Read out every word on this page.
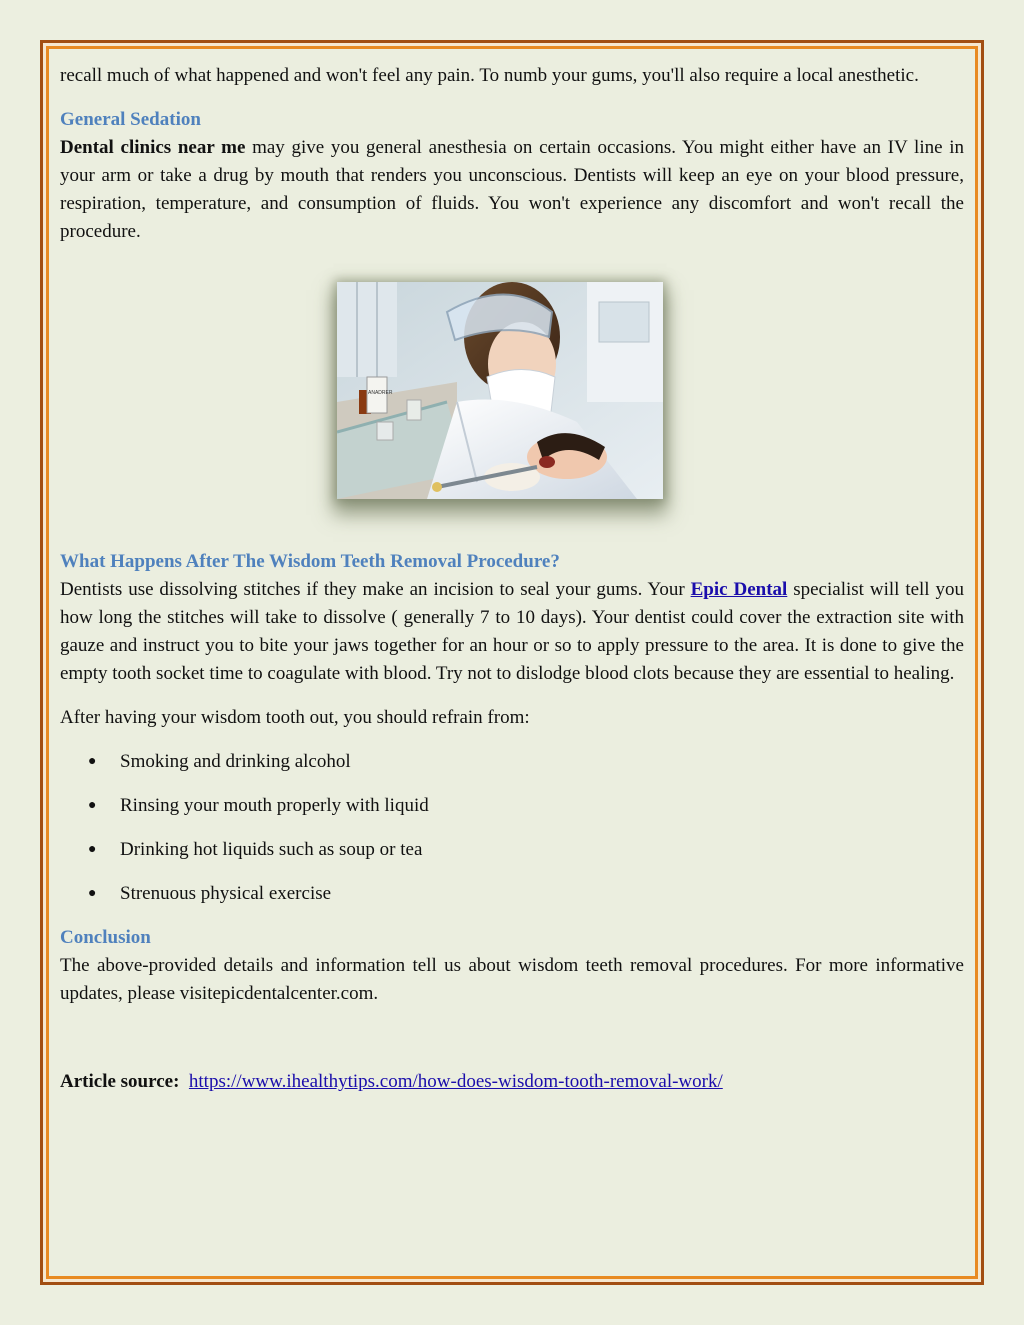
recall much of what happened and won't feel any pain. To numb your gums, you'll also require a local anesthetic.

General Sedation

Dental clinics near me may give you general anesthesia on certain occasions. You might either have an IV line in your arm or take a drug by mouth that renders you unconscious. Dentists will keep an eye on your blood pressure, respiration, temperature, and consumption of fluids. You won't experience any discomfort and won't recall the procedure.

ANADRER
What Happens After The Wisdom Teeth Removal Procedure?

Dentists use dissolving stitches if they make an incision to seal your gums. Your Epic Dental specialist will tell you how long the stitches will take to dissolve ( generally 7 to 10 days). Your dentist could cover the extraction site with gauze and instruct you to bite your jaws together for an hour or so to apply pressure to the area. It is done to give the empty tooth socket time to coagulate with blood. Try not to dislodge blood clots because they are essential to healing.

After having your wisdom tooth out, you should refrain from:

● Smoking and drinking alcohol
● Rinsing your mouth properly with liquid
● Drinking hot liquids such as soup or tea
● Strenuous physical exercise
Conclusion

The above-provided details and information tell us about wisdom teeth removal procedures. For more informative updates, please visitepicdentalcenter.com.

Article source: https://www.ihealthytips.com/how-does-wisdom-tooth-removal-work/
